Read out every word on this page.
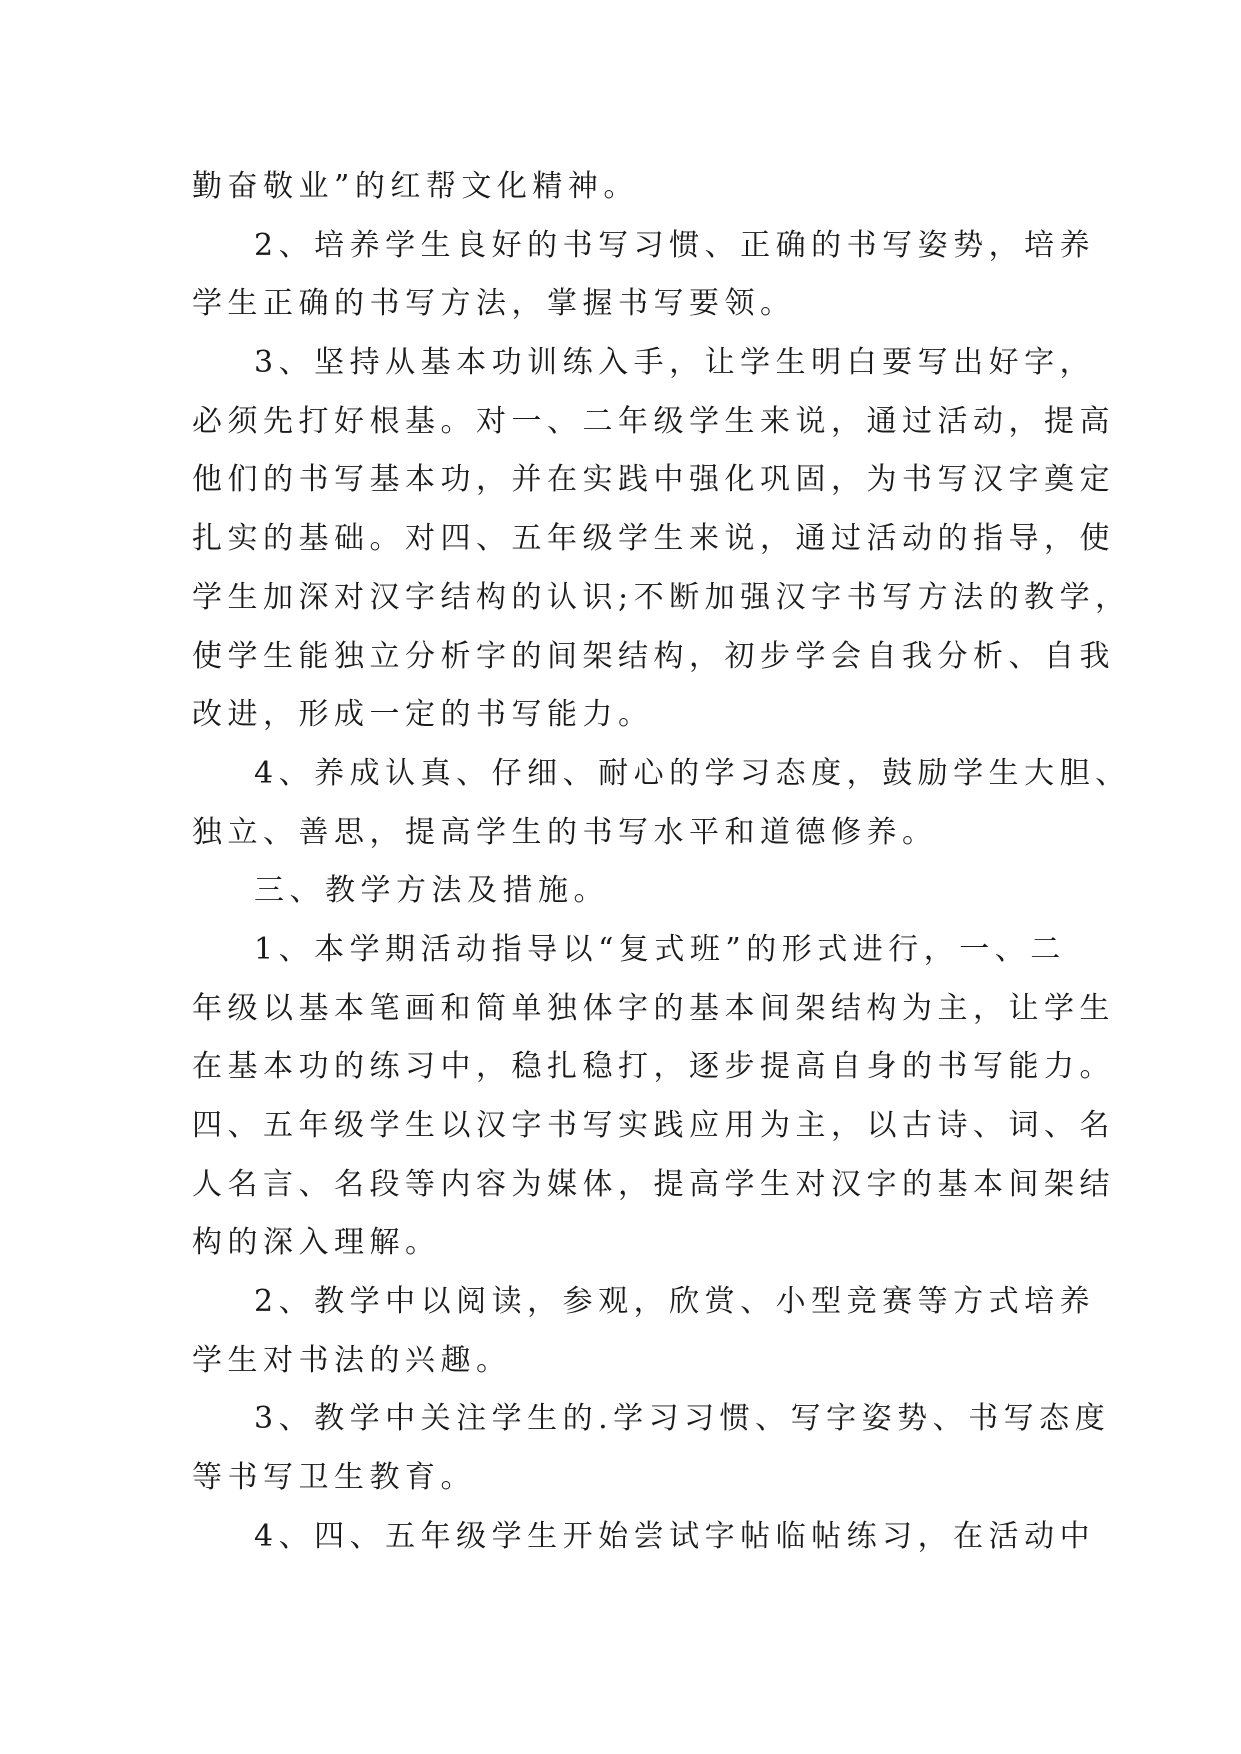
勤奋敬业”的红帮文化精神。
2、培养学生良好的书写习惯、正确的书写姿势，培养
学生正确的书写方法，掌握书写要领。
3、坚持从基本功训练入手，让学生明白要写出好字，
必须先打好根基。对一、二年级学生来说，通过活动，提高
他们的书写基本功，并在实践中强化巩固，为书写汉字奠定
扎实的基础。对四、五年级学生来说，通过活动的指导，使
学生加深对汉字结构的认识;不断加强汉字书写方法的教学，
使学生能独立分析字的间架结构，初步学会自我分析、自我
改进，形成一定的书写能力。
4、养成认真、仔细、耐心的学习态度，鼓励学生大胆、
独立、善思，提高学生的书写水平和道德修养。
三、教学方法及措施。
1、本学期活动指导以“复式班”的形式进行，一、二
年级以基本笔画和简单独体字的基本间架结构为主，让学生
在基本功的练习中，稳扎稳打，逐步提高自身的书写能力。
四、五年级学生以汉字书写实践应用为主，以古诗、词、名
人名言、名段等内容为媒体，提高学生对汉字的基本间架结
构的深入理解。
2、教学中以阅读，参观，欣赏、小型竞赛等方式培养
学生对书法的兴趣。
3、教学中关注学生的.学习习惯、写字姿势、书写态度
等书写卫生教育。
4、四、五年级学生开始尝试字帖临帖练习，在活动中
